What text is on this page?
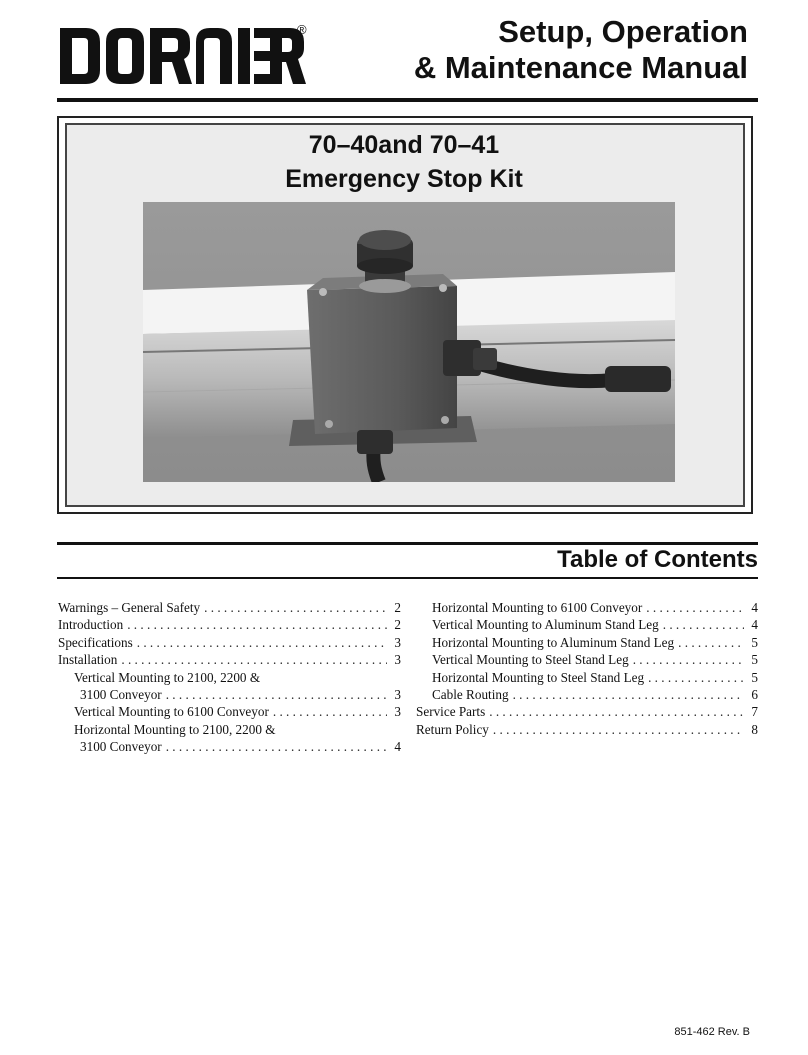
®	Setup, Operation
& Maintenance Manual
70–40and 70–41
Emergency Stop Kit
Table of Contents
Warnings – General Safety . . .	2
Introduction . . .	2
Specifications . . .	3
Installation . . .	3
Vertical Mounting to 2100, 2200 &
3100 Conveyor . . .	3
Vertical Mounting to 6100 Conveyor . . .	3
Horizontal Mounting to 2100, 2200 &
3100 Conveyor . . .	4
Horizontal Mounting to 6100 Conveyor . . .	4
Vertical Mounting to Aluminum Stand Leg . . .	4
Horizontal Mounting to Aluminum Stand Leg . . .	5
Vertical Mounting to Steel Stand Leg . . .	5
Horizontal Mounting to Steel Stand Leg . . .	5
Cable Routing . . .	6
Service Parts . . .	7
Return Policy . . .	8
851-462 Rev. B
